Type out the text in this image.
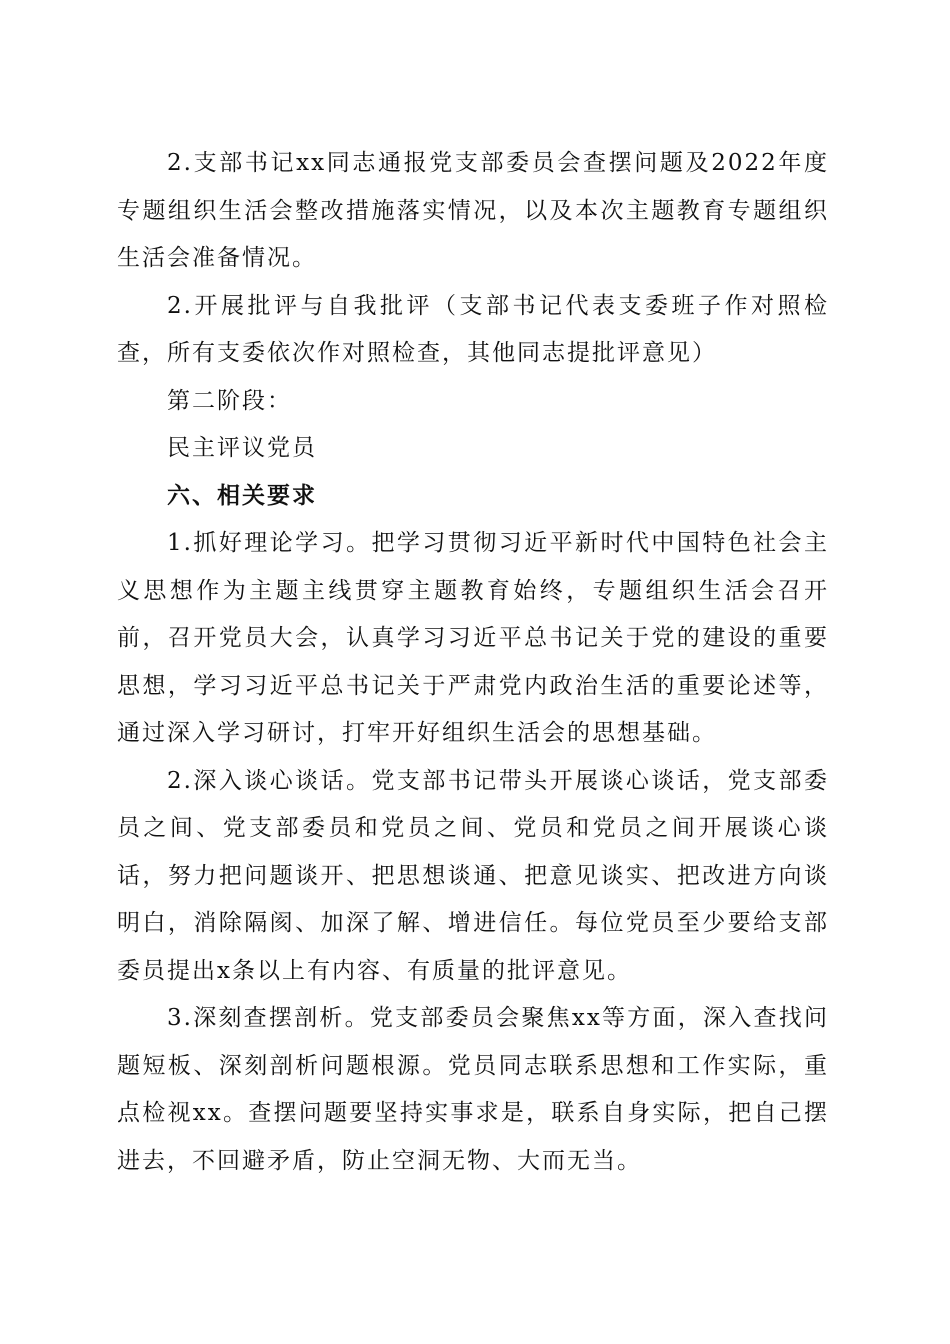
2.支部书记xx同志通报党支部委员会查摆问题及2022年度专题组织生活会整改措施落实情况，以及本次主题教育专题组织生活会准备情况。

2.开展批评与自我批评（支部书记代表支委班子作对照检查，所有支委依次作对照检查，其他同志提批评意见）

第二阶段：

民主评议党员

六、相关要求

1.抓好理论学习。把学习贯彻习近平新时代中国特色社会主义思想作为主题主线贯穿主题教育始终，专题组织生活会召开前，召开党员大会，认真学习习近平总书记关于党的建设的重要思想，学习习近平总书记关于严肃党内政治生活的重要论述等，通过深入学习研讨，打牢开好组织生活会的思想基础。

2.深入谈心谈话。党支部书记带头开展谈心谈话，党支部委员之间、党支部委员和党员之间、党员和党员之间开展谈心谈话，努力把问题谈开、把思想谈通、把意见谈实、把改进方向谈明白，消除隔阂、加深了解、增进信任。每位党员至少要给支部委员提出x条以上有内容、有质量的批评意见。

3.深刻查摆剖析。党支部委员会聚焦xx等方面，深入查找问题短板、深刻剖析问题根源。党员同志联系思想和工作实际，重点检视xx。查摆问题要坚持实事求是，联系自身实际，把自己摆进去，不回避矛盾，防止空洞无物、大而无当。
